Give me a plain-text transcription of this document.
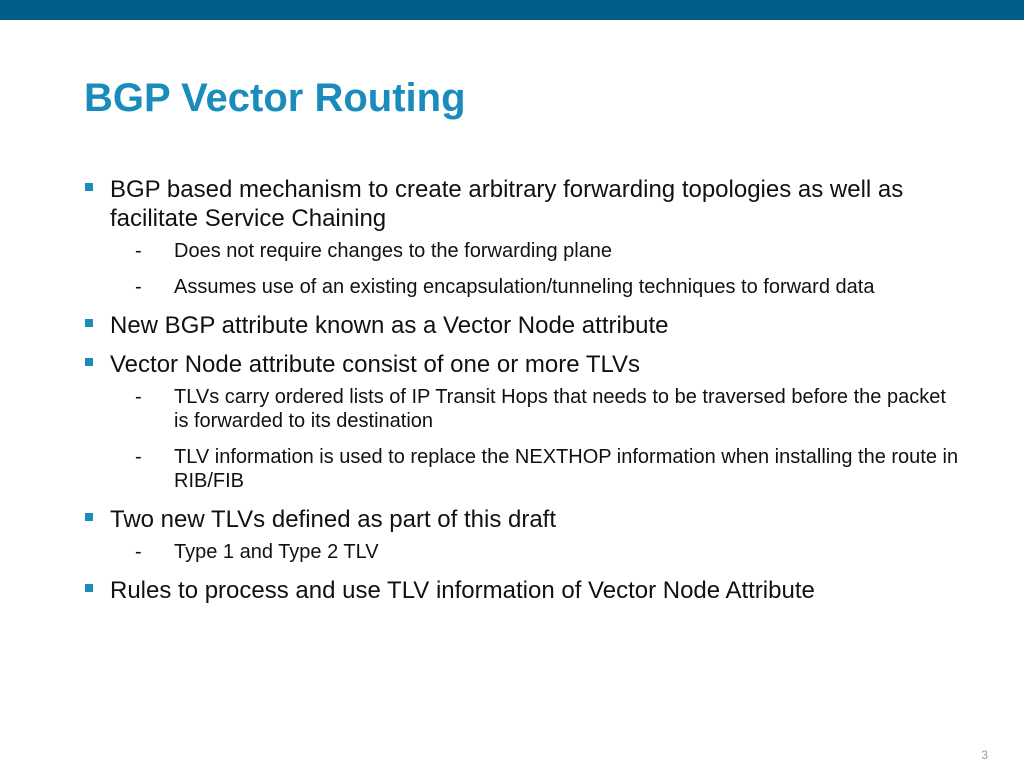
BGP Vector Routing
BGP based mechanism to create arbitrary forwarding topologies as well as facilitate Service Chaining
- Does not require changes to the forwarding plane
- Assumes use of an existing encapsulation/tunneling techniques to forward data
New BGP attribute known as a Vector Node attribute
Vector Node attribute consist of one or more TLVs
- TLVs carry ordered lists of IP Transit Hops that needs to be traversed before the packet is forwarded to its destination
- TLV information is used to replace the NEXTHOP information when installing the route in RIB/FIB
Two new TLVs defined as part of this draft
- Type 1 and Type 2 TLV
Rules to process and use TLV information of Vector Node Attribute
3
